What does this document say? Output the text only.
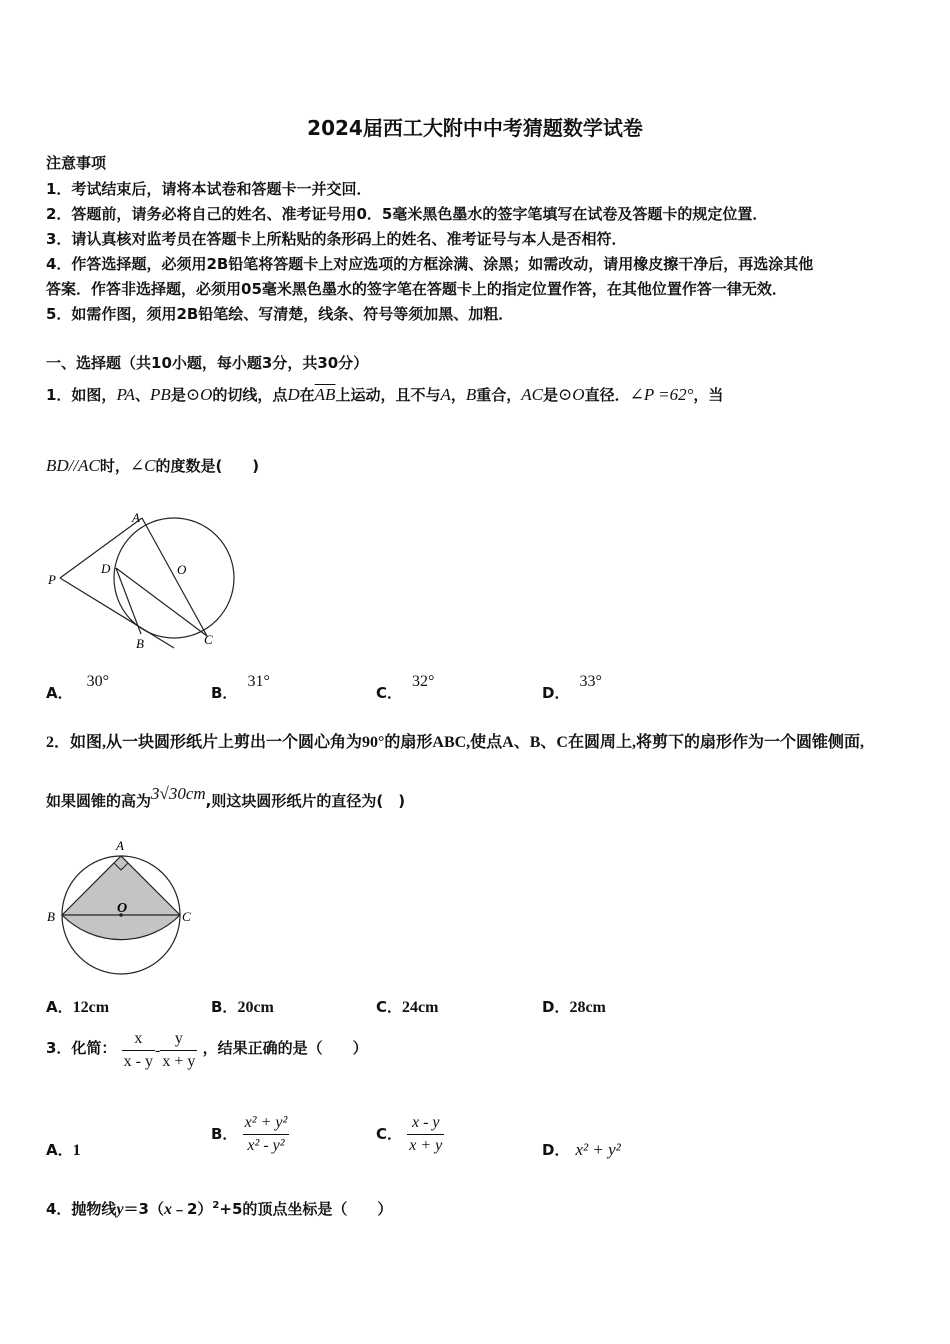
2024届西工大附中中考猜题数学试卷
注意事项
1．考试结束后，请将本试卷和答题卡一并交回．
2．答题前，请务必将自己的姓名、准考证号用0．5毫米黑色墨水的签字笔填写在试卷及答题卡的规定位置．
3．请认真核对监考员在答题卡上所粘贴的条形码上的姓名、准考证号与本人是否相符．
4．作答选择题，必须用2B铅笔将答题卡上对应选项的方框涂满、涂黑；如需改动，请用橡皮擦干净后，再选涂其他
答案．作答非选择题，必须用05毫米黑色墨水的签字笔在答题卡上的指定位置作答，在其他位置作答一律无效．
5．如需作图，须用2B铅笔绘、写清楚，线条、符号等须加黑、加粗．
一、选择题（共10小题，每小题3分，共30分）
1．如图，PA、PB是⊙O的切线，点D在$\overline{AB}$上运动，且不与A，B重合，AC是⊙O直径．∠P =62°，当
BD//AC时，∠C的度数是(　　)
A
O
P
D
B	C
A．30°
B．31°
C．32°
D．33°
2．如图,从一块圆形纸片上剪出一个圆心角为90°的扇形ABC,使点A、B、C在圆周上,将剪下的扇形作为一个圆锥侧面,
如果圆锥的高为3√30cm,则这块圆形纸片的直径为(　)
A
O
B	C
A．12cm	B．20cm	C．24cm	D．28cm
3．化简： $\frac{x}{x - y} - \frac{y}{x + y}$ ，结果正确的是（　　）
A．1
B． $\frac{\text{x² + y²}}{\text{x² - y²}}$	C． $\frac{x - y}{x + y}$	D． x² + y²
4．抛物线y＝3（x﹣2）$^2$+5的顶点坐标是（　　）
